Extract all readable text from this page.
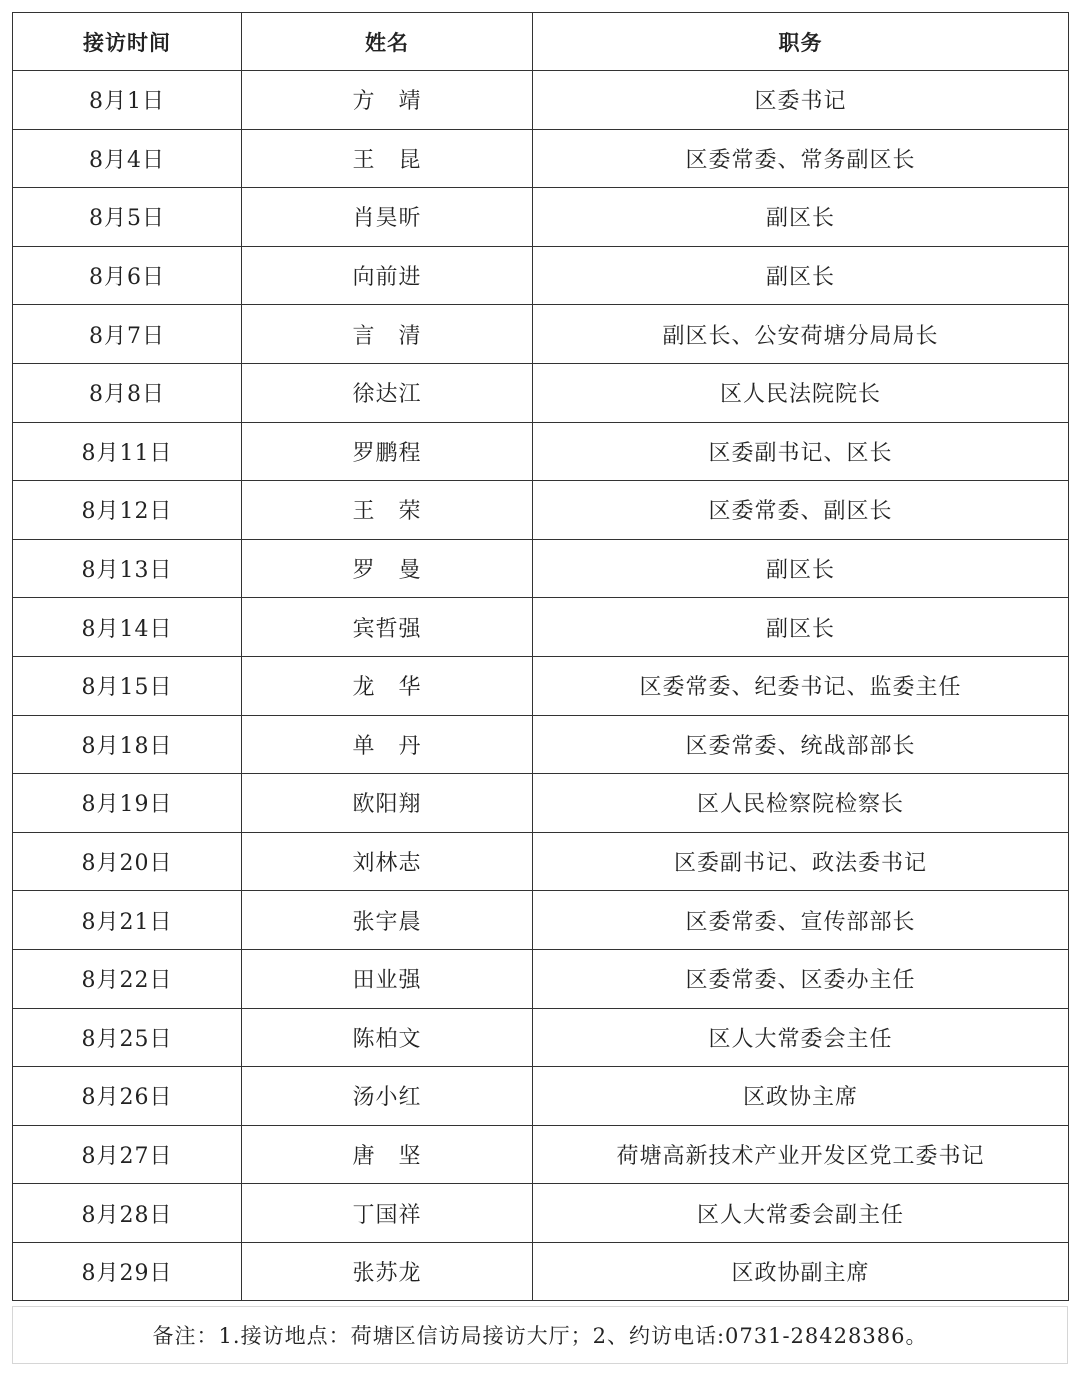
接访时间	姓名	职务
8月1日	方　靖	区委书记
8月4日	王　昆	区委常委、常务副区长
8月5日	肖昊昕	副区长
8月6日	向前进	副区长
8月7日	言　清	副区长、公安荷塘分局局长
8月8日	徐达江	区人民法院院长
8月11日	罗鹏程	区委副书记、区长
8月12日	王　荣	区委常委、副区长
8月13日	罗　曼	副区长
8月14日	宾哲强	副区长
8月15日	龙　华	区委常委、纪委书记、监委主任
8月18日	单　丹	区委常委、统战部部长
8月19日	欧阳翔	区人民检察院检察长
8月20日	刘林志	区委副书记、政法委书记
8月21日	张宇晨	区委常委、宣传部部长
8月22日	田业强	区委常委、区委办主任
8月25日	陈柏文	区人大常委会主任
8月26日	汤小红	区政协主席
8月27日	唐　坚	荷塘高新技术产业开发区党工委书记
8月28日	丁国祥	区人大常委会副主任
8月29日	张苏龙	区政协副主席
备注：1.接访地点：荷塘区信访局接访大厅；2、约访电话:0731-28428386。
